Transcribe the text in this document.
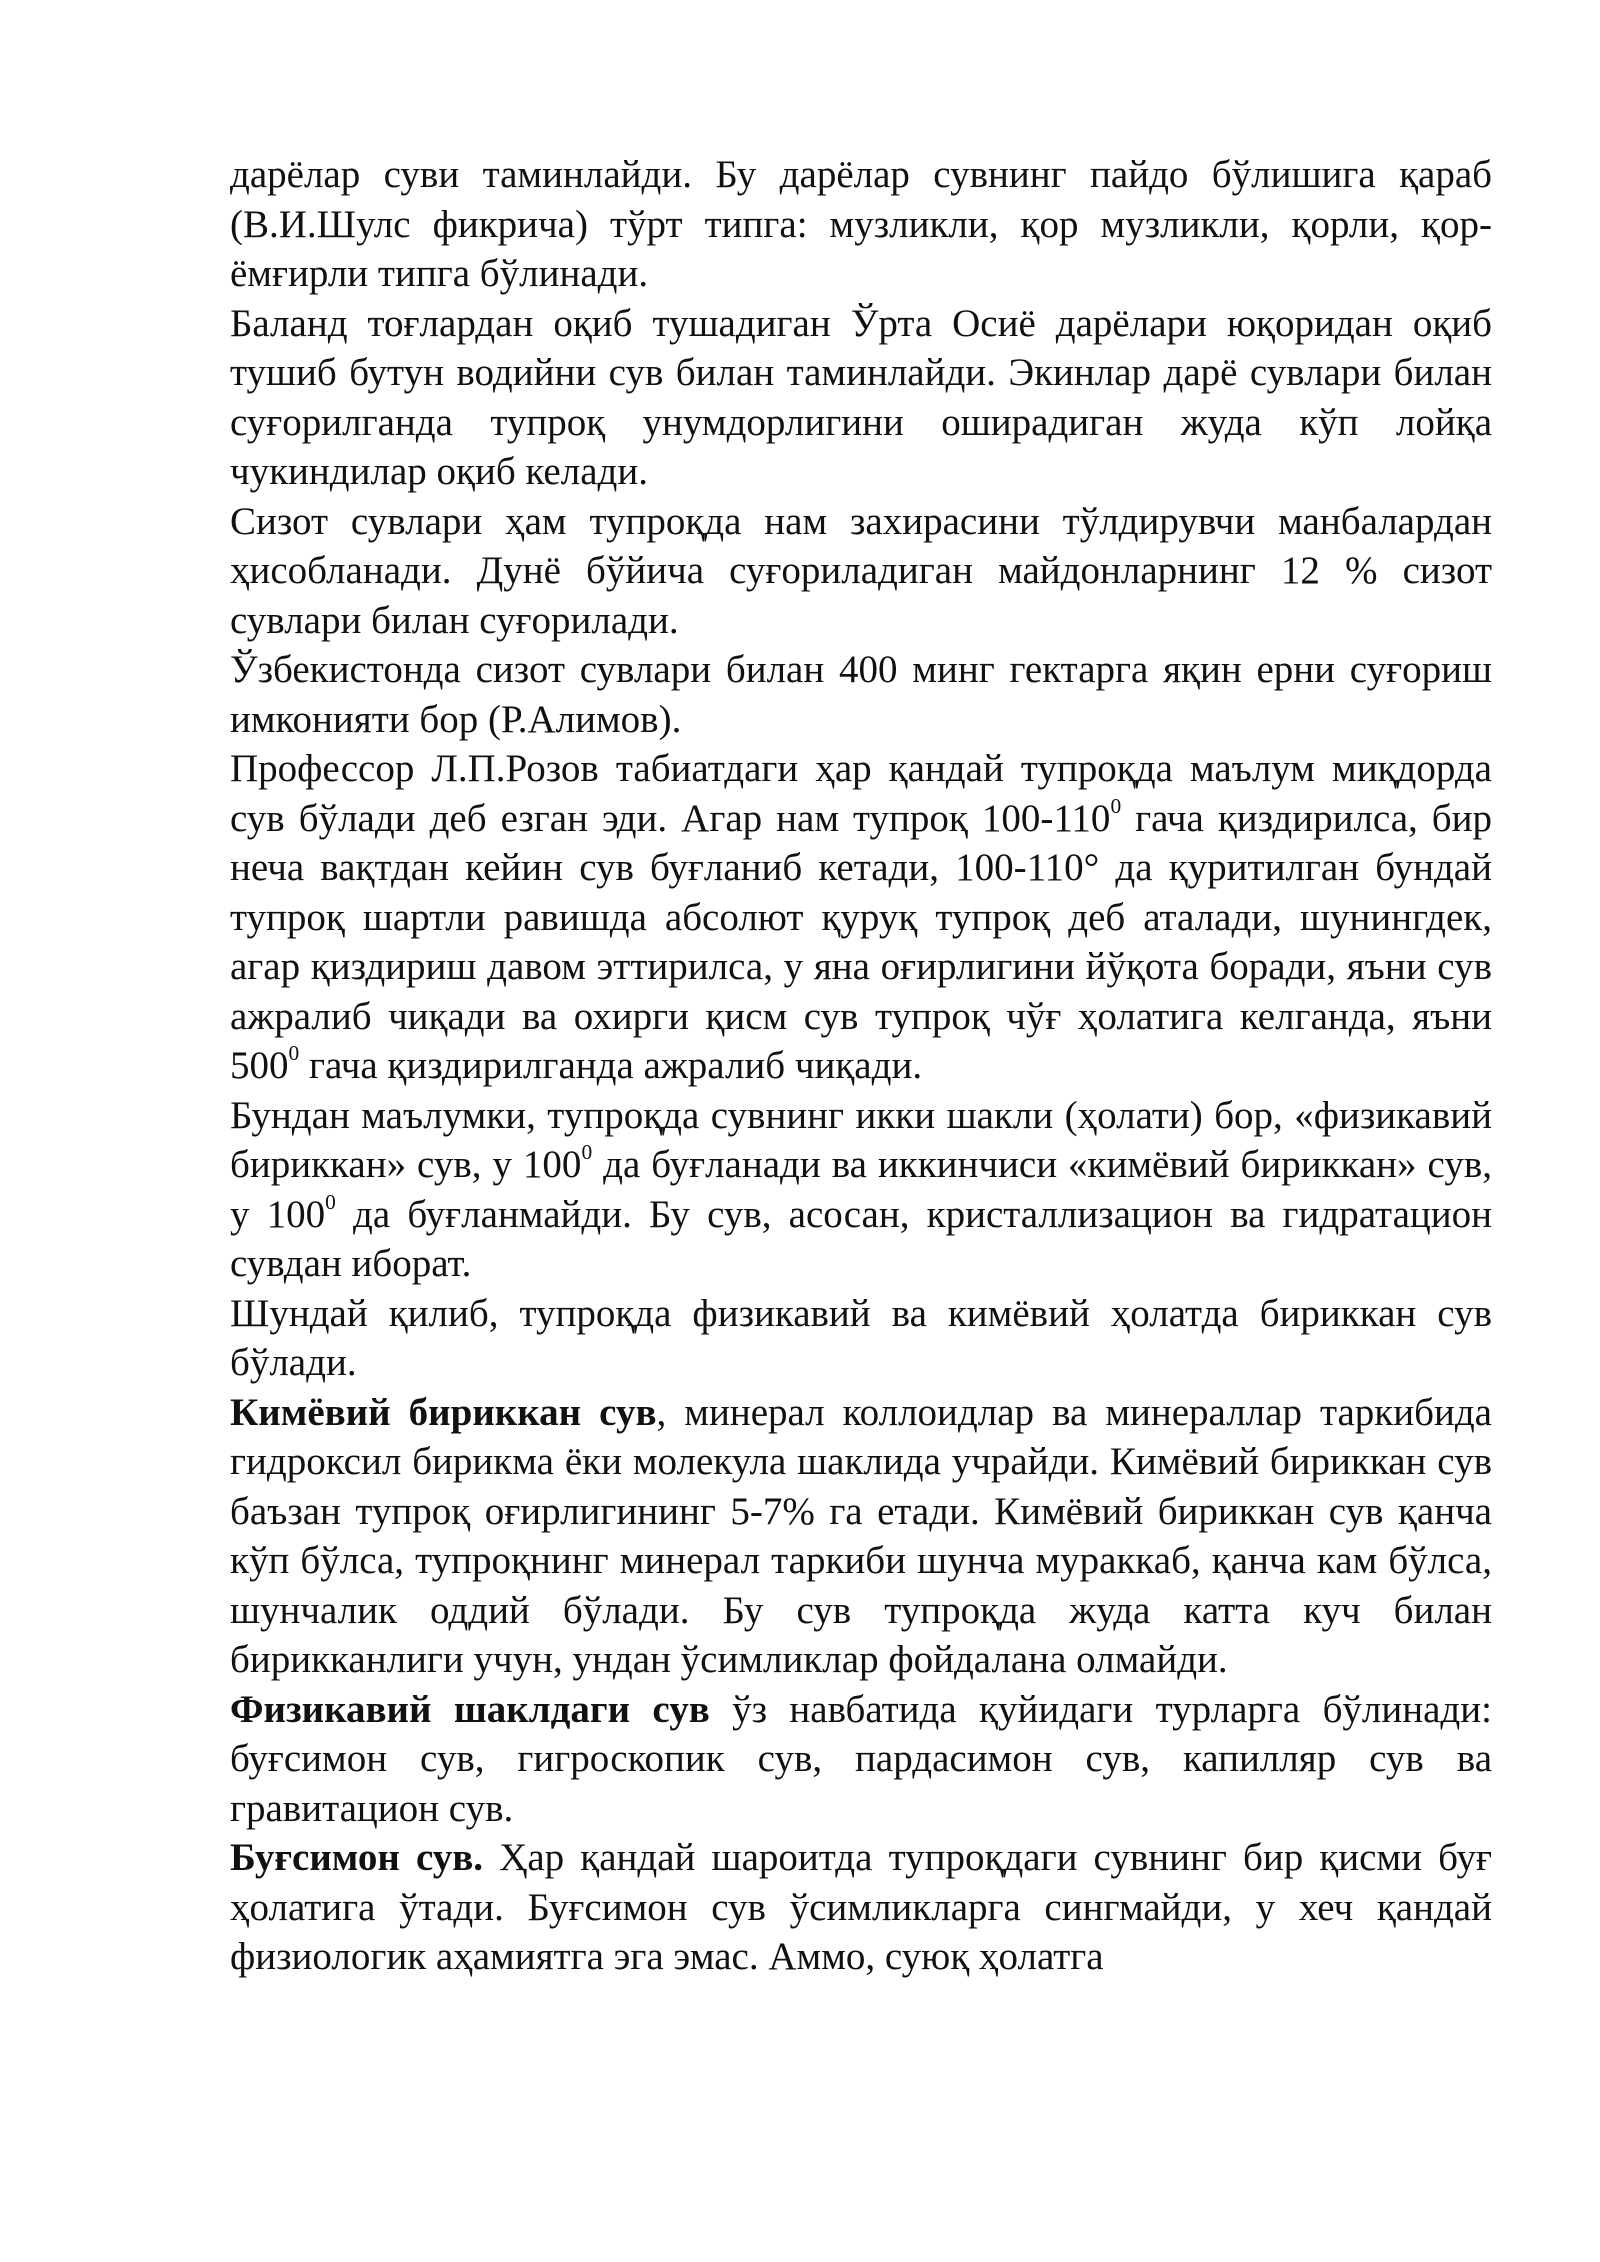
дарёлар суви таминлайди. Бу дарёлар сувнинг пайдо бўлишига қараб (В.И.Шулс фикрича) тўрт типга: музликли, қор музликли, қорли, қор-ёмғирли типга бўлинади.

Баланд тоғлардан оқиб тушадиган Ўрта Осиё дарёлари юқоридан оқиб тушиб бутун водийни сув билан таминлайди. Экинлар дарё сувлари билан суғорилганда тупроқ унумдорлигини оширадиган жуда кўп лойқа чукиндилар оқиб келади.

Сизот сувлари ҳам тупроқда нам захирасини тўлдирувчи манбалардан ҳисобланади. Дунё бўйича суғориладиган майдонларнинг 12 % сизот сувлари билан суғорилади.

Ўзбекистонда сизот сувлари билан 400 минг гектарга яқин ерни суғориш имконияти бор (Р.Алимов).

Профессор Л.П.Розов табиатдаги ҳар қандай тупроқда маълум миқдорда сув бўлади деб езган эди. Агар нам тупроқ $100-110^0$ гача қиздирилса, бир неча вақтдан кейин сув буғланиб кетади, 100-110° да қуритилган бундай тупроқ шартли равишда абсолют қуруқ тупроқ деб аталади, шунингдек, агар қиздириш давом эттирилса, у яна оғирлигини йўқота боради, яъни сув ажралиб чиқади ва охирги қисм сув тупроқ чўғ ҳолатига келганда, яъни $500^0$ гача қиздирилганда ажралиб чиқади.

Бундан маълумки, тупроқда сувнинг икки шакли (ҳолати) бор, «физикавий бириккан» сув, у $100^0$ да буғланади ва иккинчиси «кимёвий бириккан» сув, у $100^0$ да буғланмайди. Бу сув, асосан, кристаллизацион ва гидратацион сувдан иборат.

Шундай қилиб, тупроқда физикавий ва кимёвий ҳолатда бириккан сув бўлади.

Кимёвий бириккан сув, минерал коллоидлар ва минераллар таркибида гидроксил бирикма ёки молекула шаклида учрайди. Кимёвий бириккан сув баъзан тупроқ оғирлигининг 5-7% га етади. Кимёвий бириккан сув қанча кўп бўлса, тупроқнинг минерал таркиби шунча мураккаб, қанча кам бўлса, шунчалик оддий бўлади. Бу сув тупроқда жуда катта куч билан бирикканлиги учун, ундан ўсимликлар фойдалана олмайди.

Физикавий шаклдаги сув ўз навбатида қуйидаги турларга бўлинади: буғсимон сув, гигроскопик сув, пардасимон сув, капилляр сув ва гравитацион сув.

Буғсимон сув. Ҳар қандай шароитда тупроқдаги сувнинг бир қисми буғ ҳолатига ўтади. Буғсимон сув ўсимликларга сингмайди, у хеч қандай физиологик аҳамиятга эга эмас. Аммо, суюқ ҳолатга
